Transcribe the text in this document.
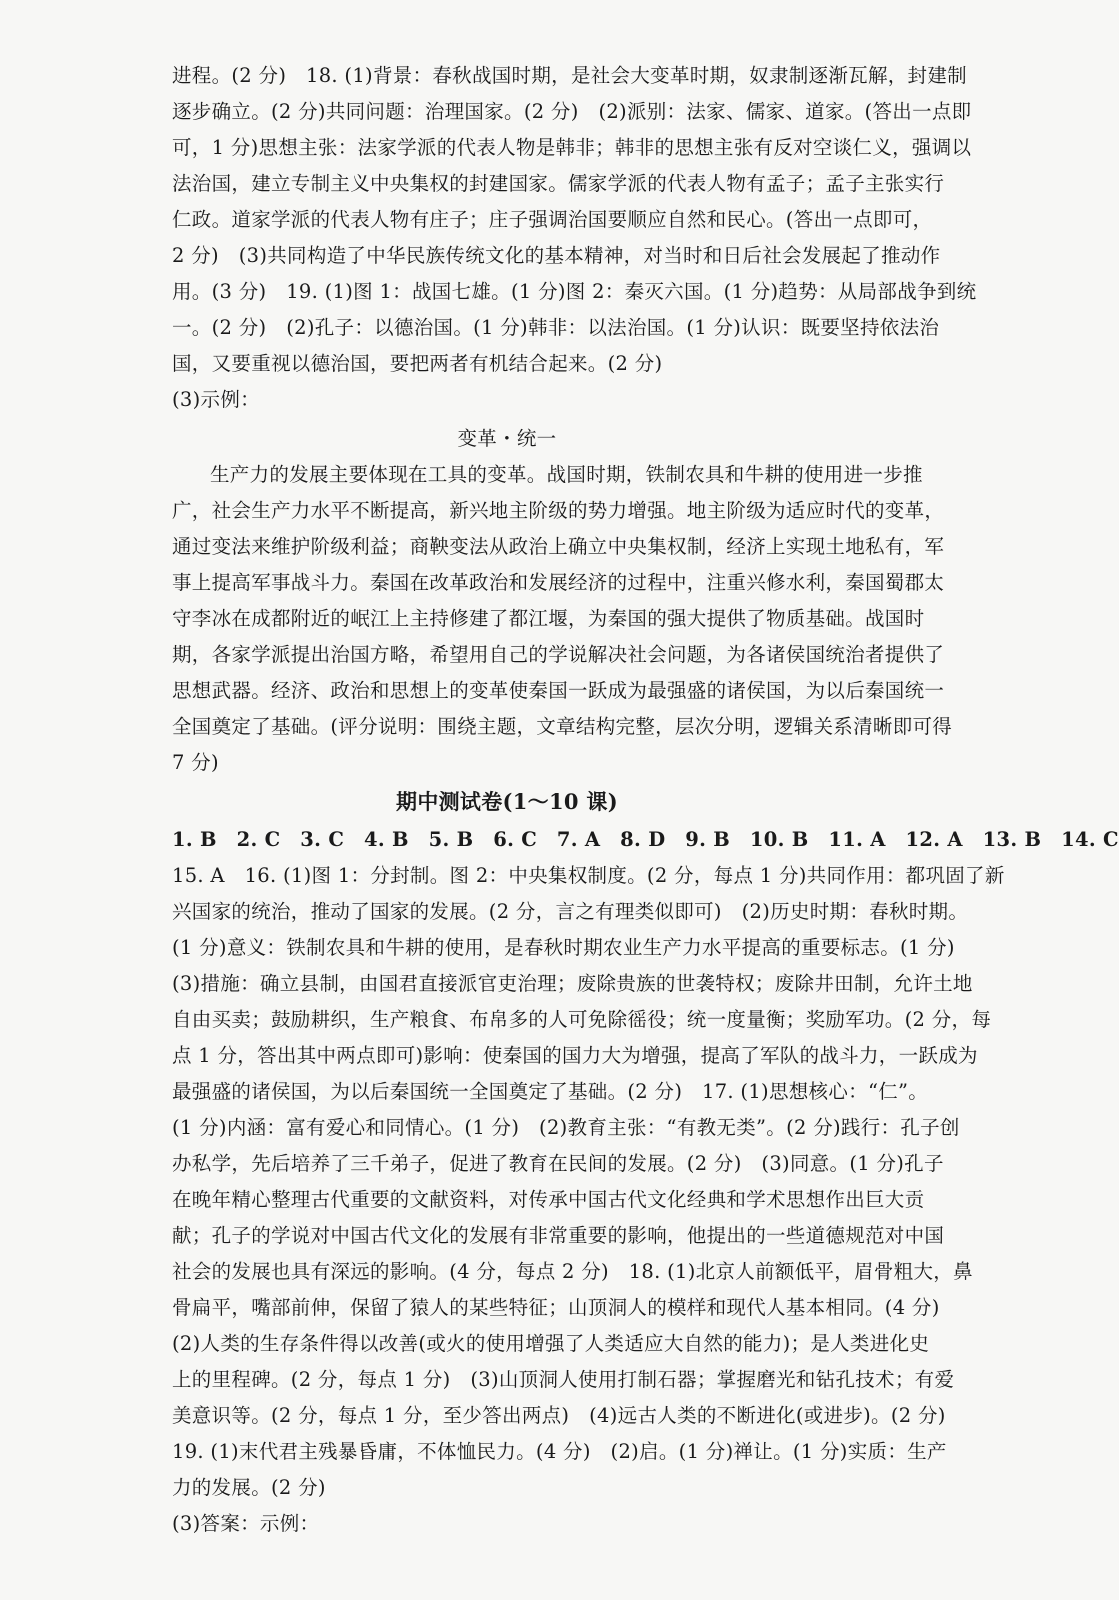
进程。(2 分)　18. (1)背景：春秋战国时期，是社会大变革时期，奴隶制逐渐瓦解，封建制
逐步确立。(2 分)共同问题：治理国家。(2 分)　(2)派别：法家、儒家、道家。(答出一点即
可，1 分)思想主张：法家学派的代表人物是韩非；韩非的思想主张有反对空谈仁义，强调以
法治国，建立专制主义中央集权的封建国家。儒家学派的代表人物有孟子；孟子主张实行
仁政。道家学派的代表人物有庄子；庄子强调治国要顺应自然和民心。(答出一点即可，
2 分)　(3)共同构造了中华民族传统文化的基本精神，对当时和日后社会发展起了推动作
用。(3 分)　19. (1)图 1：战国七雄。(1 分)图 2：秦灭六国。(1 分)趋势：从局部战争到统
一。(2 分)　(2)孔子：以德治国。(1 分)韩非：以法治国。(1 分)认识：既要坚持依法治
国，又要重视以德治国，要把两者有机结合起来。(2 分)
(3)示例：
变革・统一
生产力的发展主要体现在工具的变革。战国时期，铁制农具和牛耕的使用进一步推
广，社会生产力水平不断提高，新兴地主阶级的势力增强。地主阶级为适应时代的变革，
通过变法来维护阶级利益；商鞅变法从政治上确立中央集权制，经济上实现土地私有，军
事上提高军事战斗力。秦国在改革政治和发展经济的过程中，注重兴修水利，秦国蜀郡太
守李冰在成都附近的岷江上主持修建了都江堰，为秦国的强大提供了物质基础。战国时
期，各家学派提出治国方略，希望用自己的学说解决社会问题，为各诸侯国统治者提供了
思想武器。经济、政治和思想上的变革使秦国一跃成为最强盛的诸侯国，为以后秦国统一
全国奠定了基础。(评分说明：围绕主题，文章结构完整，层次分明，逻辑关系清晰即可得
7 分)
期中测试卷(1～10 课)
1. B　2. C　3. C　4. B　5. B　6. C　7. A　8. D　9. B　10. B　11. A　12. A　13. B　14. C
15. A　16. (1)图 1：分封制。图 2：中央集权制度。(2 分，每点 1 分)共同作用：都巩固了新
兴国家的统治，推动了国家的发展。(2 分，言之有理类似即可)　(2)历史时期：春秋时期。
(1 分)意义：铁制农具和牛耕的使用，是春秋时期农业生产力水平提高的重要标志。(1 分)
(3)措施：确立县制，由国君直接派官吏治理；废除贵族的世袭特权；废除井田制，允许土地
自由买卖；鼓励耕织，生产粮食、布帛多的人可免除徭役；统一度量衡；奖励军功。(2 分，每
点 1 分，答出其中两点即可)影响：使秦国的国力大为增强，提高了军队的战斗力，一跃成为
最强盛的诸侯国，为以后秦国统一全国奠定了基础。(2 分)　17. (1)思想核心：“仁”。
(1 分)内涵：富有爱心和同情心。(1 分)　(2)教育主张：“有教无类”。(2 分)践行：孔子创
办私学，先后培养了三千弟子，促进了教育在民间的发展。(2 分)　(3)同意。(1 分)孔子
在晚年精心整理古代重要的文献资料，对传承中国古代文化经典和学术思想作出巨大贡
献；孔子的学说对中国古代文化的发展有非常重要的影响，他提出的一些道德规范对中国
社会的发展也具有深远的影响。(4 分，每点 2 分)　18. (1)北京人前额低平，眉骨粗大，鼻
骨扁平，嘴部前伸，保留了猿人的某些特征；山顶洞人的模样和现代人基本相同。(4 分)
(2)人类的生存条件得以改善(或火的使用增强了人类适应大自然的能力)；是人类进化史
上的里程碑。(2 分，每点 1 分)　(3)山顶洞人使用打制石器；掌握磨光和钻孔技术；有爱
美意识等。(2 分，每点 1 分，至少答出两点)　(4)远古人类的不断进化(或进步)。(2 分)
19. (1)末代君主残暴昏庸，不体恤民力。(4 分)　(2)启。(1 分)禅让。(1 分)实质：生产
力的发展。(2 分)
(3)答案：示例：
